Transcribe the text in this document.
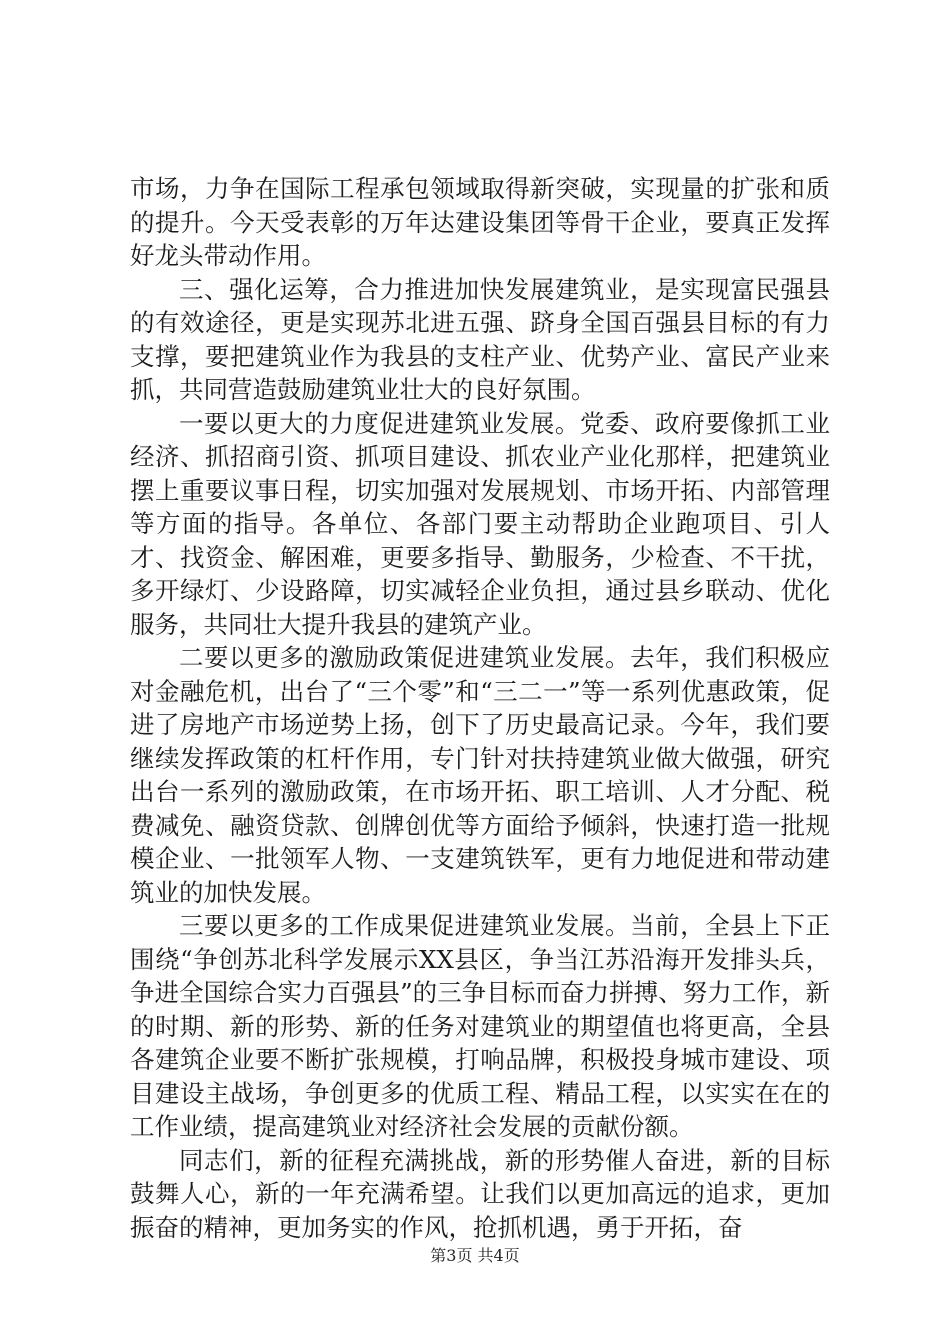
市场，力争在国际工程承包领域取得新突破，实现量的扩张和质的提升。今天受表彰的万年达建设集团等骨干企业，要真正发挥好龙头带动作用。

三、强化运筹，合力推进加快发展建筑业，是实现富民强县的有效途径，更是实现苏北进五强、跻身全国百强县目标的有力支撑，要把建筑业作为我县的支柱产业、优势产业、富民产业来抓，共同营造鼓励建筑业壮大的良好氛围。

一要以更大的力度促进建筑业发展。党委、政府要像抓工业经济、抓招商引资、抓项目建设、抓农业产业化那样，把建筑业摆上重要议事日程，切实加强对发展规划、市场开拓、内部管理等方面的指导。各单位、各部门要主动帮助企业跑项目、引人才、找资金、解困难，更要多指导、勤服务，少检查、不干扰，多开绿灯、少设路障，切实减轻企业负担，通过县乡联动、优化服务，共同壮大提升我县的建筑产业。

二要以更多的激励政策促进建筑业发展。去年，我们积极应对金融危机，出台了“三个零”和“三二一”等一系列优惠政策，促进了房地产市场逆势上扬，创下了历史最高记录。今年，我们要继续发挥政策的杠杆作用，专门针对扶持建筑业做大做强，研究出台一系列的激励政策，在市场开拓、职工培训、人才分配、税费减免、融资贷款、创牌创优等方面给予倾斜，快速打造一批规模企业、一批领军人物、一支建筑铁军，更有力地促进和带动建筑业的加快发展。

三要以更多的工作成果促进建筑业发展。当前，全县上下正围绕“争创苏北科学发展示XX县区，争当江苏沿海开发排头兵，争进全国综合实力百强县”的三争目标而奋力拼搏、努力工作，新的时期、新的形势、新的任务对建筑业的期望值也将更高，全县各建筑企业要不断扩张规模，打响品牌，积极投身城市建设、项目建设主战场，争创更多的优质工程、精品工程，以实实在在的工作业绩，提高建筑业对经济社会发展的贡献份额。

同志们，新的征程充满挑战，新的形势催人奋进，新的目标鼓舞人心，新的一年充满希望。让我们以更加高远的追求，更加振奋的精神，更加务实的作风，抢抓机遇，勇于开拓，奋

第3页 共4页
